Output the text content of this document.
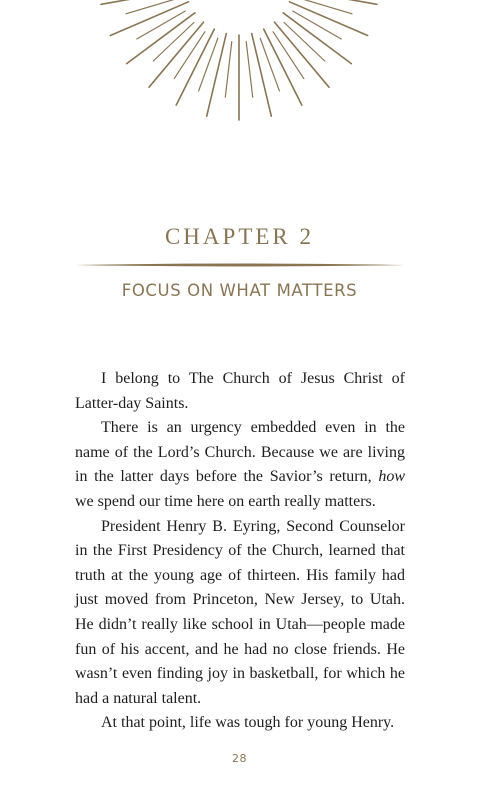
CHAPTER 2
FOCUS ON WHAT MATTERS

I belong to The Church of Jesus Christ of Latter-day Saints.

There is an urgency embedded even in the name of the Lord’s Church. Because we are living in the latter days before the Savior’s return, how we spend our time here on earth really matters.

President Henry B. Eyring, Second Counselor in the First Presidency of the Church, learned that truth at the young age of thirteen. His family had just moved from Princeton, New Jersey, to Utah. He didn’t really like school in Utah—people made fun of his accent, and he had no close friends. He wasn’t even finding joy in basketball, for which he had a natural talent.

At that point, life was tough for young Henry.

28
